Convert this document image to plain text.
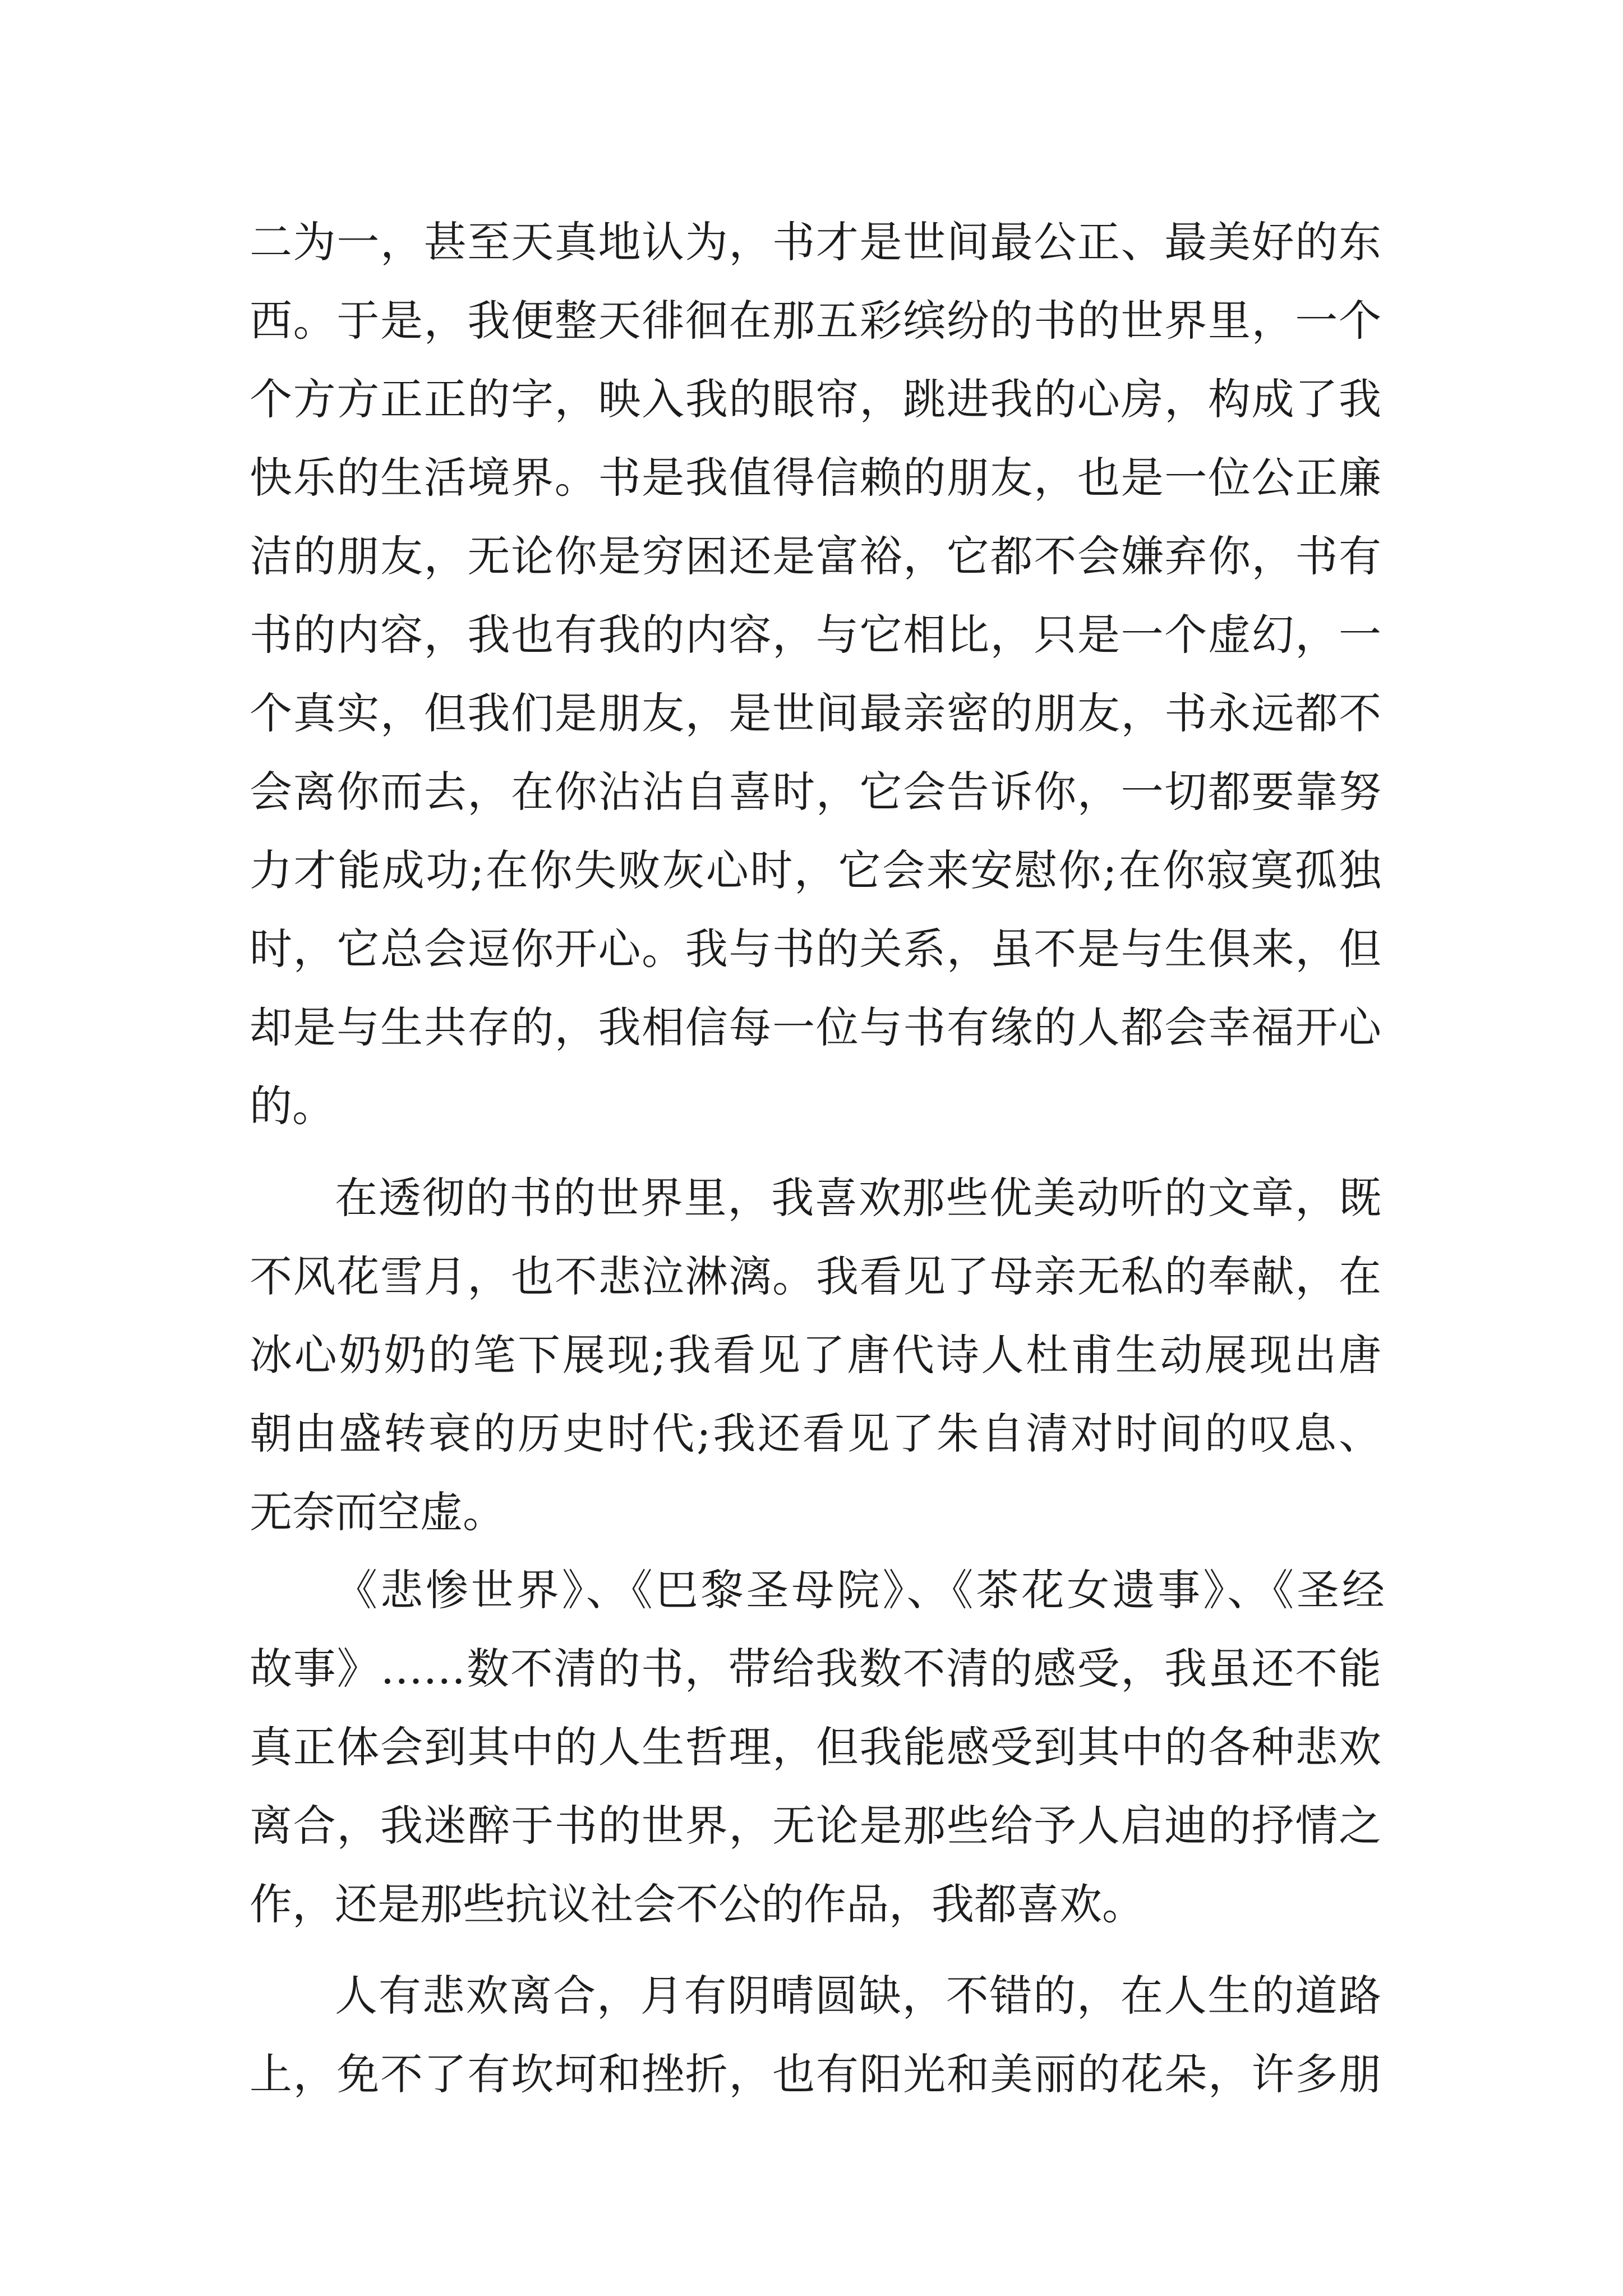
二为一，甚至天真地认为，书才是世间最公正、最美好的东
西。于是，我便整天徘徊在那五彩缤纷的书的世界里，一个
个方方正正的字，映入我的眼帘，跳进我的心房，构成了我
快乐的生活境界。书是我值得信赖的朋友，也是一位公正廉
洁的朋友，无论你是穷困还是富裕，它都不会嫌弃你，书有
书的内容，我也有我的内容，与它相比，只是一个虚幻，一
个真实，但我们是朋友，是世间最亲密的朋友，书永远都不
会离你而去，在你沾沾自喜时，它会告诉你，一切都要靠努
力才能成功;在你失败灰心时，它会来安慰你;在你寂寞孤独
时，它总会逗你开心。我与书的关系，虽不是与生俱来，但
却是与生共存的，我相信每一位与书有缘的人都会幸福开心
的。
在透彻的书的世界里，我喜欢那些优美动听的文章，既
不风花雪月，也不悲泣淋漓。我看见了母亲无私的奉献，在
冰心奶奶的笔下展现;我看见了唐代诗人杜甫生动展现出唐
朝由盛转衰的历史时代;我还看见了朱自清对时间的叹息、
无奈而空虚。
《悲惨世界》、《巴黎圣母院》、《茶花女遗事》、《圣经
故事》……数不清的书，带给我数不清的感受，我虽还不能
真正体会到其中的人生哲理，但我能感受到其中的各种悲欢
离合，我迷醉于书的世界，无论是那些给予人启迪的抒情之
作，还是那些抗议社会不公的作品，我都喜欢。
人有悲欢离合，月有阴晴圆缺，不错的，在人生的道路
上，免不了有坎坷和挫折，也有阳光和美丽的花朵，许多朋
